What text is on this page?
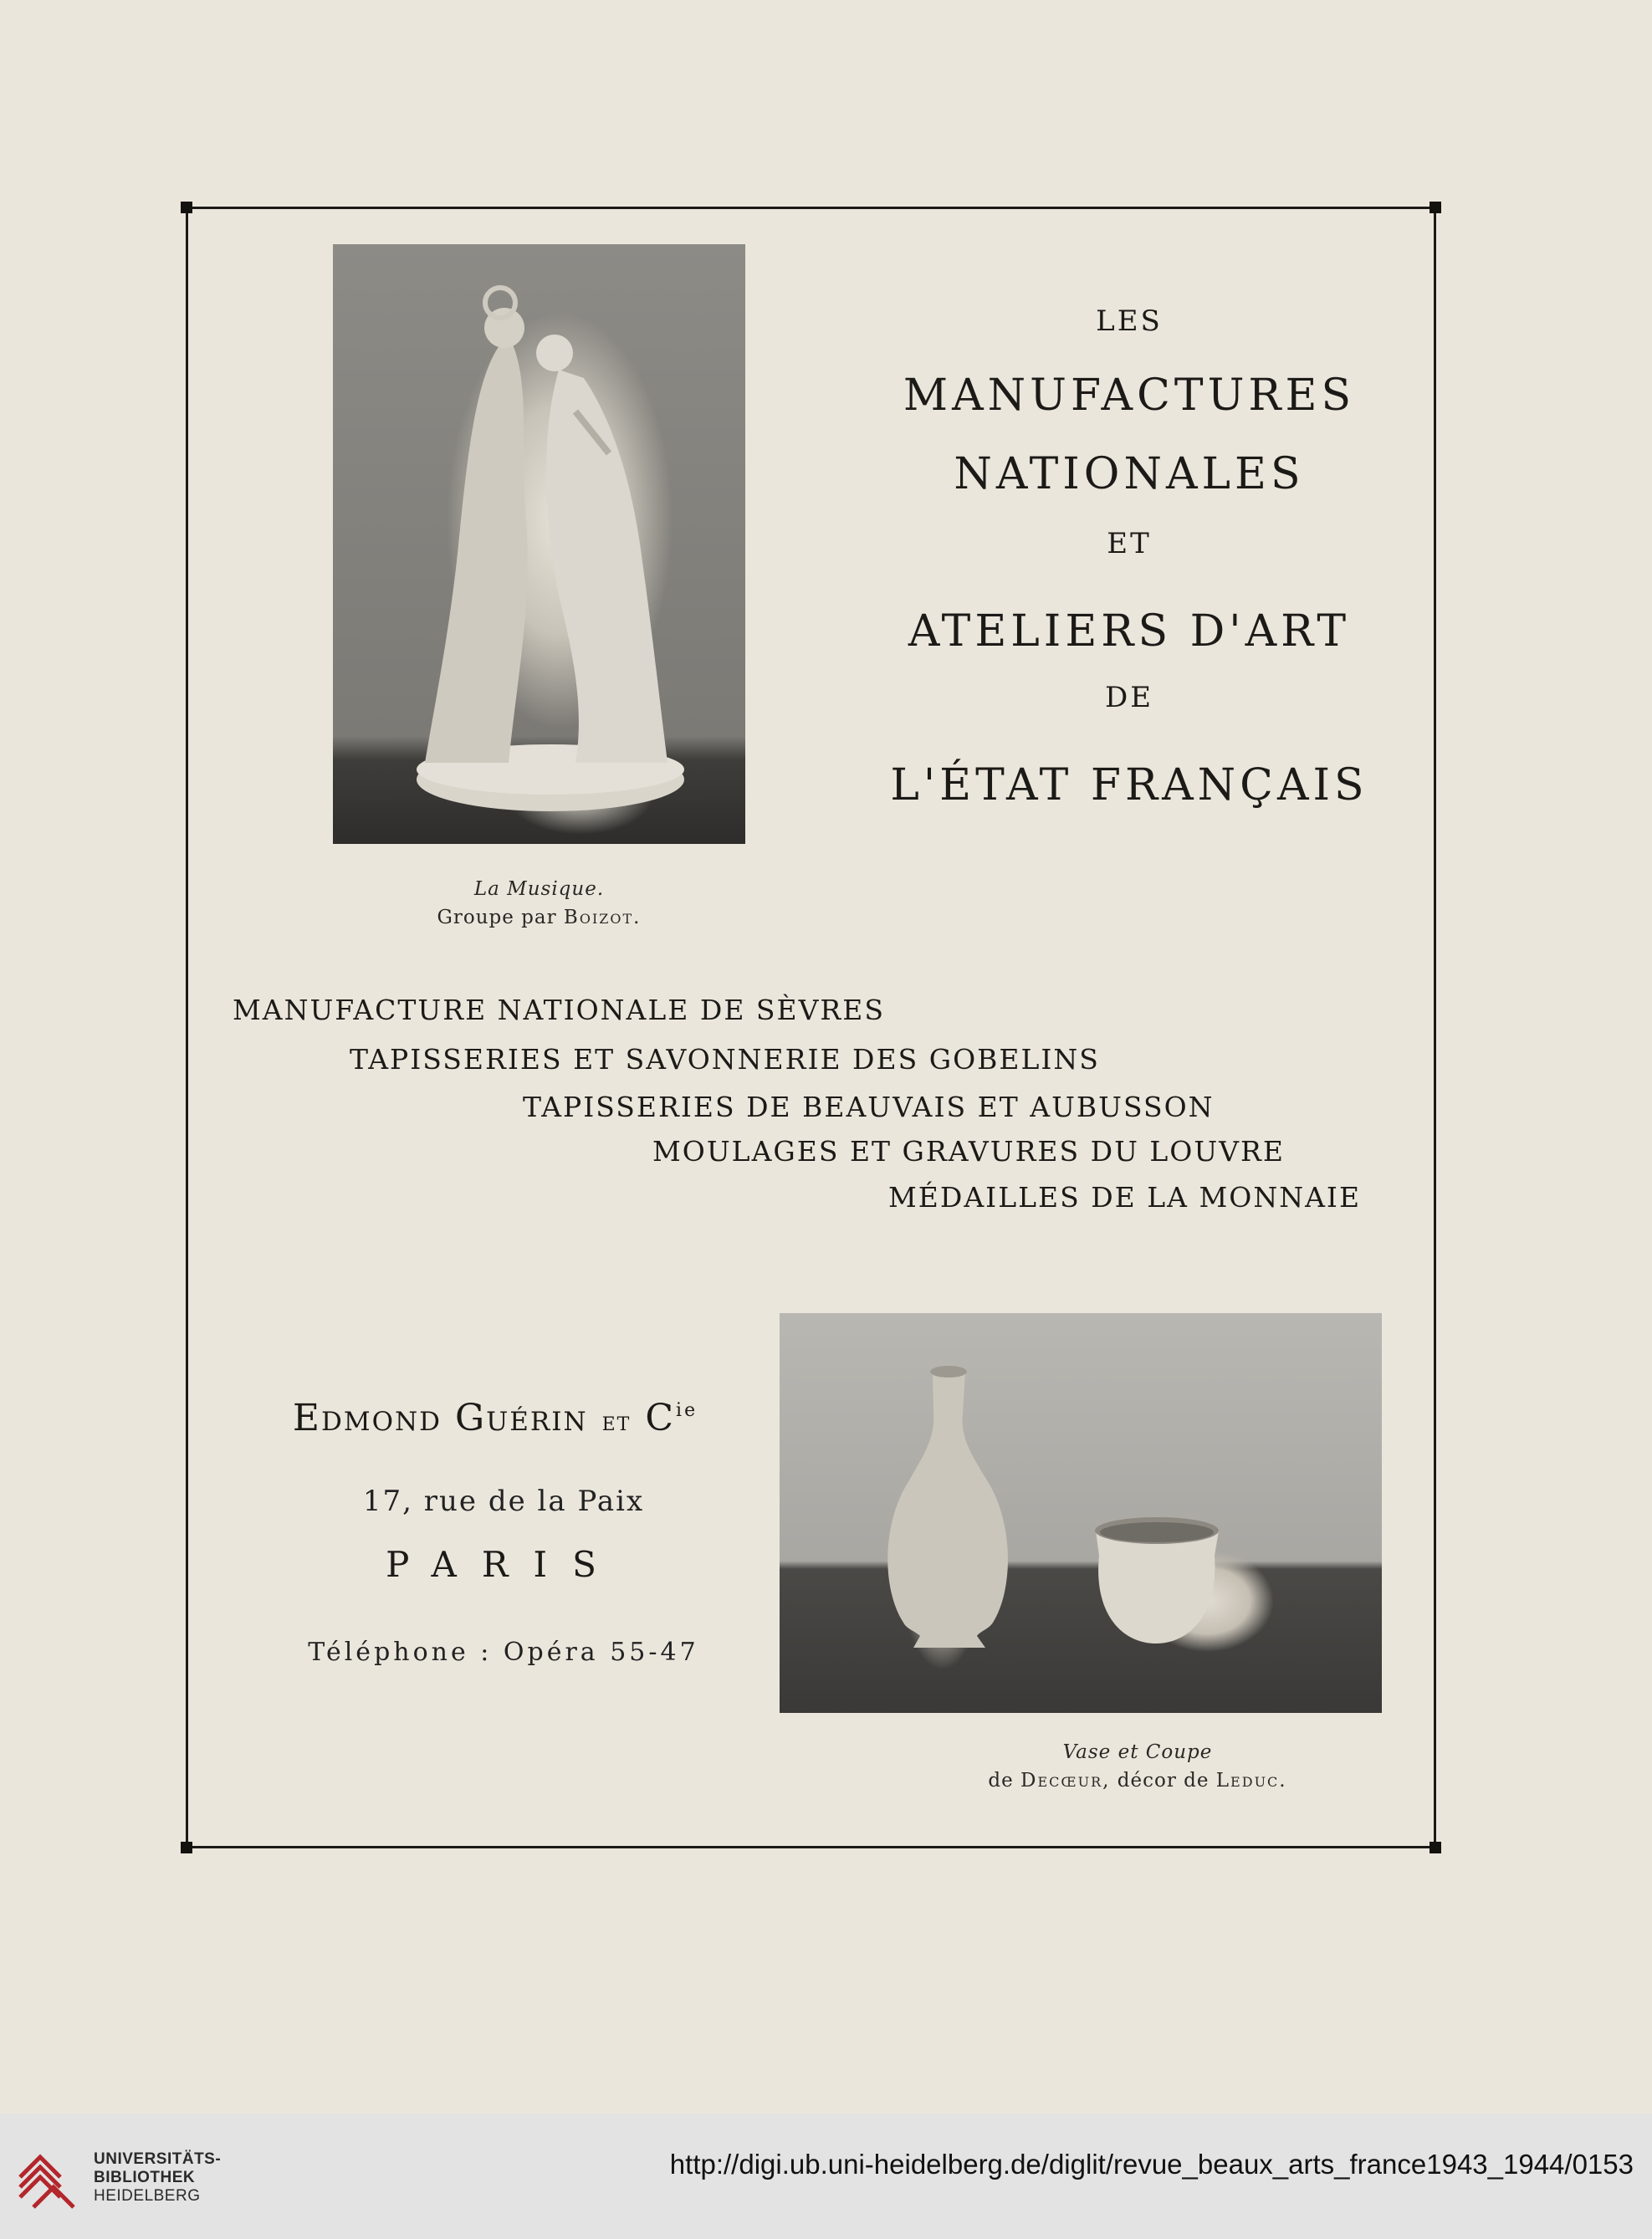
La Musique.
Groupe par Boizot.
LES
MANUFACTURES
NATIONALES
ET
ATELIERS D'ART
DE
L'ÉTAT FRANÇAIS
MANUFACTURE NATIONALE DE SÈVRES
TAPISSERIES ET SAVONNERIE DES GOBELINS
TAPISSERIES DE BEAUVAIS ET AUBUSSON
MOULAGES ET GRAVURES DU LOUVRE
MÉDAILLES DE LA MONNAIE
Edmond Guérin et $C^{ie}$
17, rue de la Paix
PARIS
Téléphone : Opéra 55-47
Vase et Coupe
de Decœur, décor de Leduc.
UNIVERSITÄTS-
BIBLIOTHEK
HEIDELBERG
http://digi.ub.uni-heidelberg.de/diglit/revue_beaux_arts_france1943_1944/0153
